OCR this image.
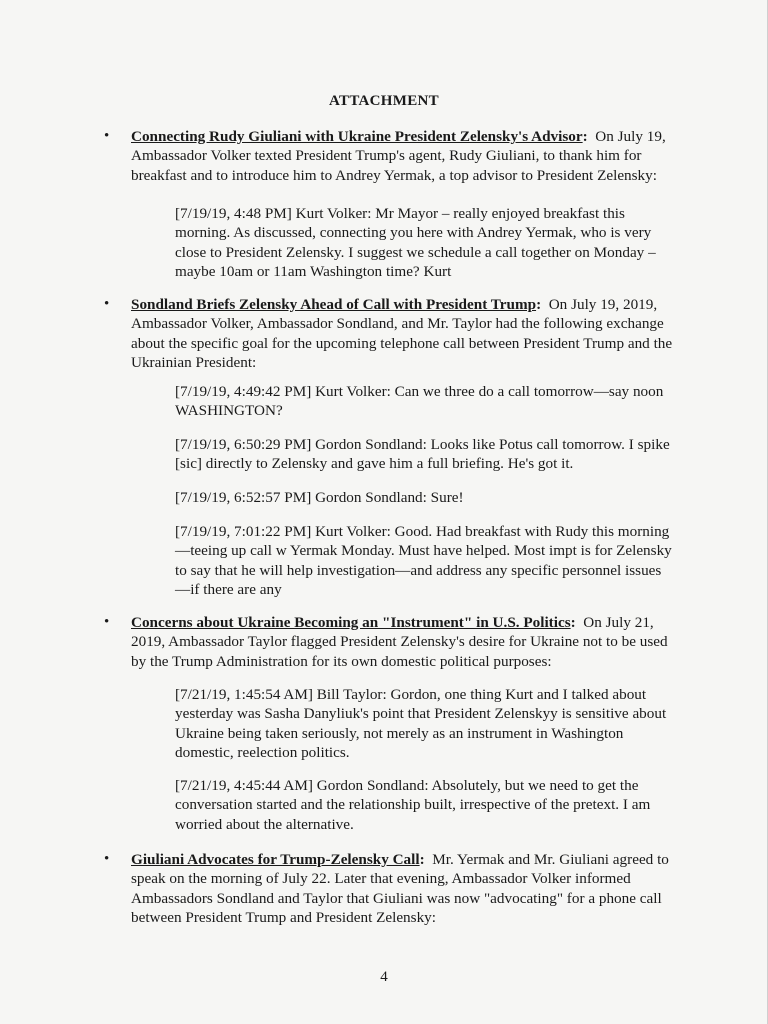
ATTACHMENT
• Connecting Rudy Giuliani with Ukraine President Zelensky's Advisor: On July 19, Ambassador Volker texted President Trump's agent, Rudy Giuliani, to thank him for breakfast and to introduce him to Andrey Yermak, a top advisor to President Zelensky:
[7/19/19, 4:48 PM] Kurt Volker: Mr Mayor – really enjoyed breakfast this morning. As discussed, connecting you here with Andrey Yermak, who is very close to President Zelensky. I suggest we schedule a call together on Monday – maybe 10am or 11am Washington time? Kurt
• Sondland Briefs Zelensky Ahead of Call with President Trump: On July 19, 2019, Ambassador Volker, Ambassador Sondland, and Mr. Taylor had the following exchange about the specific goal for the upcoming telephone call between President Trump and the Ukrainian President:
[7/19/19, 4:49:42 PM] Kurt Volker: Can we three do a call tomorrow—say noon WASHINGTON?
[7/19/19, 6:50:29 PM] Gordon Sondland: Looks like Potus call tomorrow. I spike [sic] directly to Zelensky and gave him a full briefing. He's got it.
[7/19/19, 6:52:57 PM] Gordon Sondland: Sure!
[7/19/19, 7:01:22 PM] Kurt Volker: Good. Had breakfast with Rudy this morning—teeing up call w Yermak Monday. Must have helped. Most impt is for Zelensky to say that he will help investigation—and address any specific personnel issues—if there are any
• Concerns about Ukraine Becoming an "Instrument" in U.S. Politics: On July 21, 2019, Ambassador Taylor flagged President Zelensky's desire for Ukraine not to be used by the Trump Administration for its own domestic political purposes:
[7/21/19, 1:45:54 AM] Bill Taylor: Gordon, one thing Kurt and I talked about yesterday was Sasha Danyliuk's point that President Zelenskyy is sensitive about Ukraine being taken seriously, not merely as an instrument in Washington domestic, reelection politics.
[7/21/19, 4:45:44 AM] Gordon Sondland: Absolutely, but we need to get the conversation started and the relationship built, irrespective of the pretext. I am worried about the alternative.
• Giuliani Advocates for Trump-Zelensky Call: Mr. Yermak and Mr. Giuliani agreed to speak on the morning of July 22. Later that evening, Ambassador Volker informed Ambassadors Sondland and Taylor that Giuliani was now "advocating" for a phone call between President Trump and President Zelensky:
4
